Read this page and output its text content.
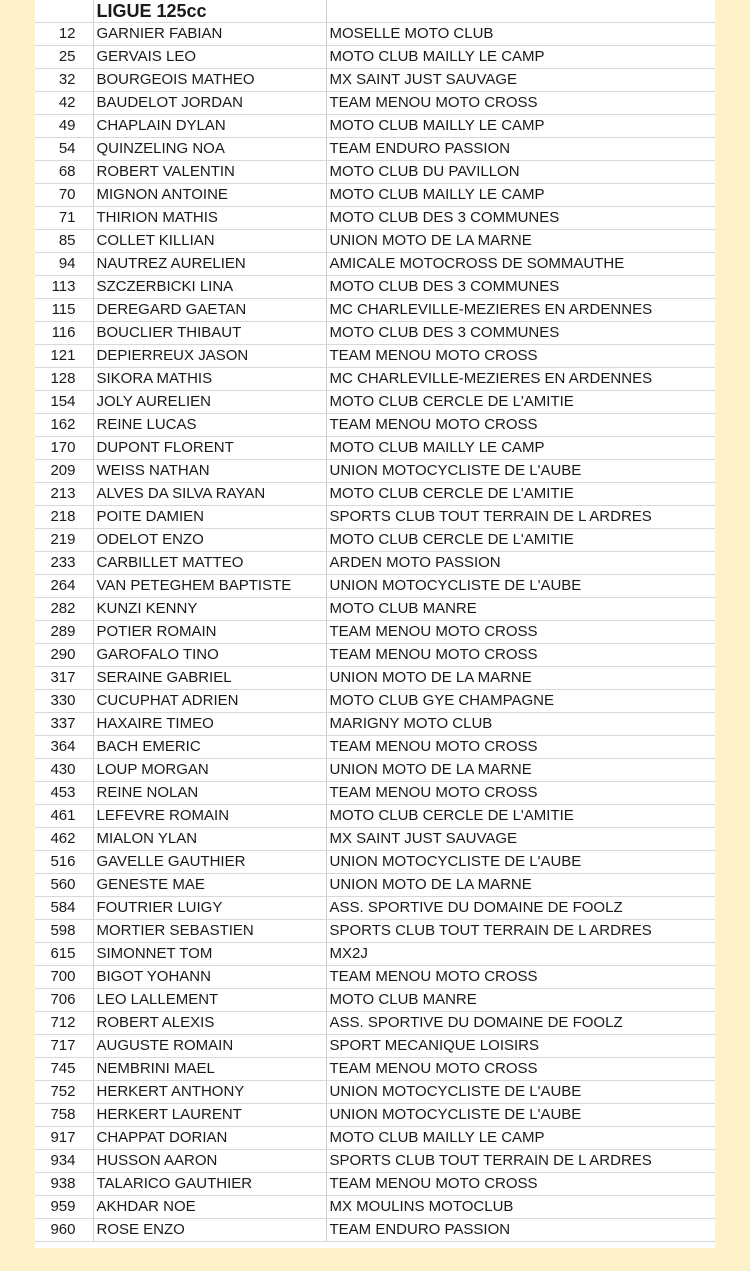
	LIGUE 125cc	
12	GARNIER FABIAN	MOSELLE MOTO CLUB
25	GERVAIS LEO	MOTO CLUB MAILLY LE CAMP
32	BOURGEOIS MATHEO	MX SAINT JUST SAUVAGE
42	BAUDELOT JORDAN	TEAM MENOU MOTO CROSS
49	CHAPLAIN DYLAN	MOTO CLUB MAILLY LE CAMP
54	QUINZELING NOA	TEAM ENDURO PASSION
68	ROBERT VALENTIN	MOTO CLUB DU PAVILLON
70	MIGNON ANTOINE	MOTO CLUB MAILLY LE CAMP
71	THIRION MATHIS	MOTO CLUB DES 3 COMMUNES
85	COLLET KILLIAN	UNION MOTO DE LA MARNE
94	NAUTREZ AURELIEN	AMICALE MOTOCROSS DE SOMMAUTHE
113	SZCZERBICKI LINA	MOTO CLUB DES 3 COMMUNES
115	DEREGARD GAETAN	MC CHARLEVILLE-MEZIERES EN ARDENNES
116	BOUCLIER THIBAUT	MOTO CLUB DES 3 COMMUNES
121	DEPIERREUX JASON	TEAM MENOU MOTO CROSS
128	SIKORA MATHIS	MC CHARLEVILLE-MEZIERES EN ARDENNES
154	JOLY AURELIEN	MOTO CLUB CERCLE DE L'AMITIE
162	REINE LUCAS	TEAM MENOU MOTO CROSS
170	DUPONT FLORENT	MOTO CLUB MAILLY LE CAMP
209	WEISS NATHAN	UNION MOTOCYCLISTE DE L'AUBE
213	ALVES DA SILVA RAYAN	MOTO CLUB CERCLE DE L'AMITIE
218	POITE DAMIEN	SPORTS CLUB TOUT TERRAIN DE L ARDRES
219	ODELOT ENZO	MOTO CLUB CERCLE DE L'AMITIE
233	CARBILLET MATTEO	ARDEN MOTO PASSION
264	VAN PETEGHEM BAPTISTE	UNION MOTOCYCLISTE DE L'AUBE
282	KUNZI KENNY	MOTO CLUB MANRE
289	POTIER ROMAIN	TEAM MENOU MOTO CROSS
290	GAROFALO TINO	TEAM MENOU MOTO CROSS
317	SERAINE GABRIEL	UNION MOTO DE LA MARNE
330	CUCUPHAT ADRIEN	MOTO CLUB GYE CHAMPAGNE
337	HAXAIRE TIMEO	MARIGNY MOTO CLUB
364	BACH EMERIC	TEAM MENOU MOTO CROSS
430	LOUP MORGAN	UNION MOTO DE LA MARNE
453	REINE NOLAN	TEAM MENOU MOTO CROSS
461	LEFEVRE ROMAIN	MOTO CLUB CERCLE DE L'AMITIE
462	MIALON YLAN	MX SAINT JUST SAUVAGE
516	GAVELLE GAUTHIER	UNION MOTOCYCLISTE DE L'AUBE
560	GENESTE MAE	UNION MOTO DE LA MARNE
584	FOUTRIER LUIGY	ASS. SPORTIVE DU DOMAINE DE FOOLZ
598	MORTIER SEBASTIEN	SPORTS CLUB TOUT TERRAIN DE L ARDRES
615	SIMONNET TOM	MX2J
700	BIGOT YOHANN	TEAM MENOU MOTO CROSS
706	LEO LALLEMENT	MOTO CLUB MANRE
712	ROBERT ALEXIS	ASS. SPORTIVE DU DOMAINE DE FOOLZ
717	AUGUSTE ROMAIN	SPORT MECANIQUE LOISIRS
745	NEMBRINI MAEL	TEAM MENOU MOTO CROSS
752	HERKERT ANTHONY	UNION MOTOCYCLISTE DE L'AUBE
758	HERKERT LAURENT	UNION MOTOCYCLISTE DE L'AUBE
917	CHAPPAT DORIAN	MOTO CLUB MAILLY LE CAMP
934	HUSSON AARON	SPORTS CLUB TOUT TERRAIN DE L ARDRES
938	TALARICO GAUTHIER	TEAM MENOU MOTO CROSS
959	AKHDAR NOE	MX MOULINS MOTOCLUB
960	ROSE ENZO	TEAM ENDURO PASSION
